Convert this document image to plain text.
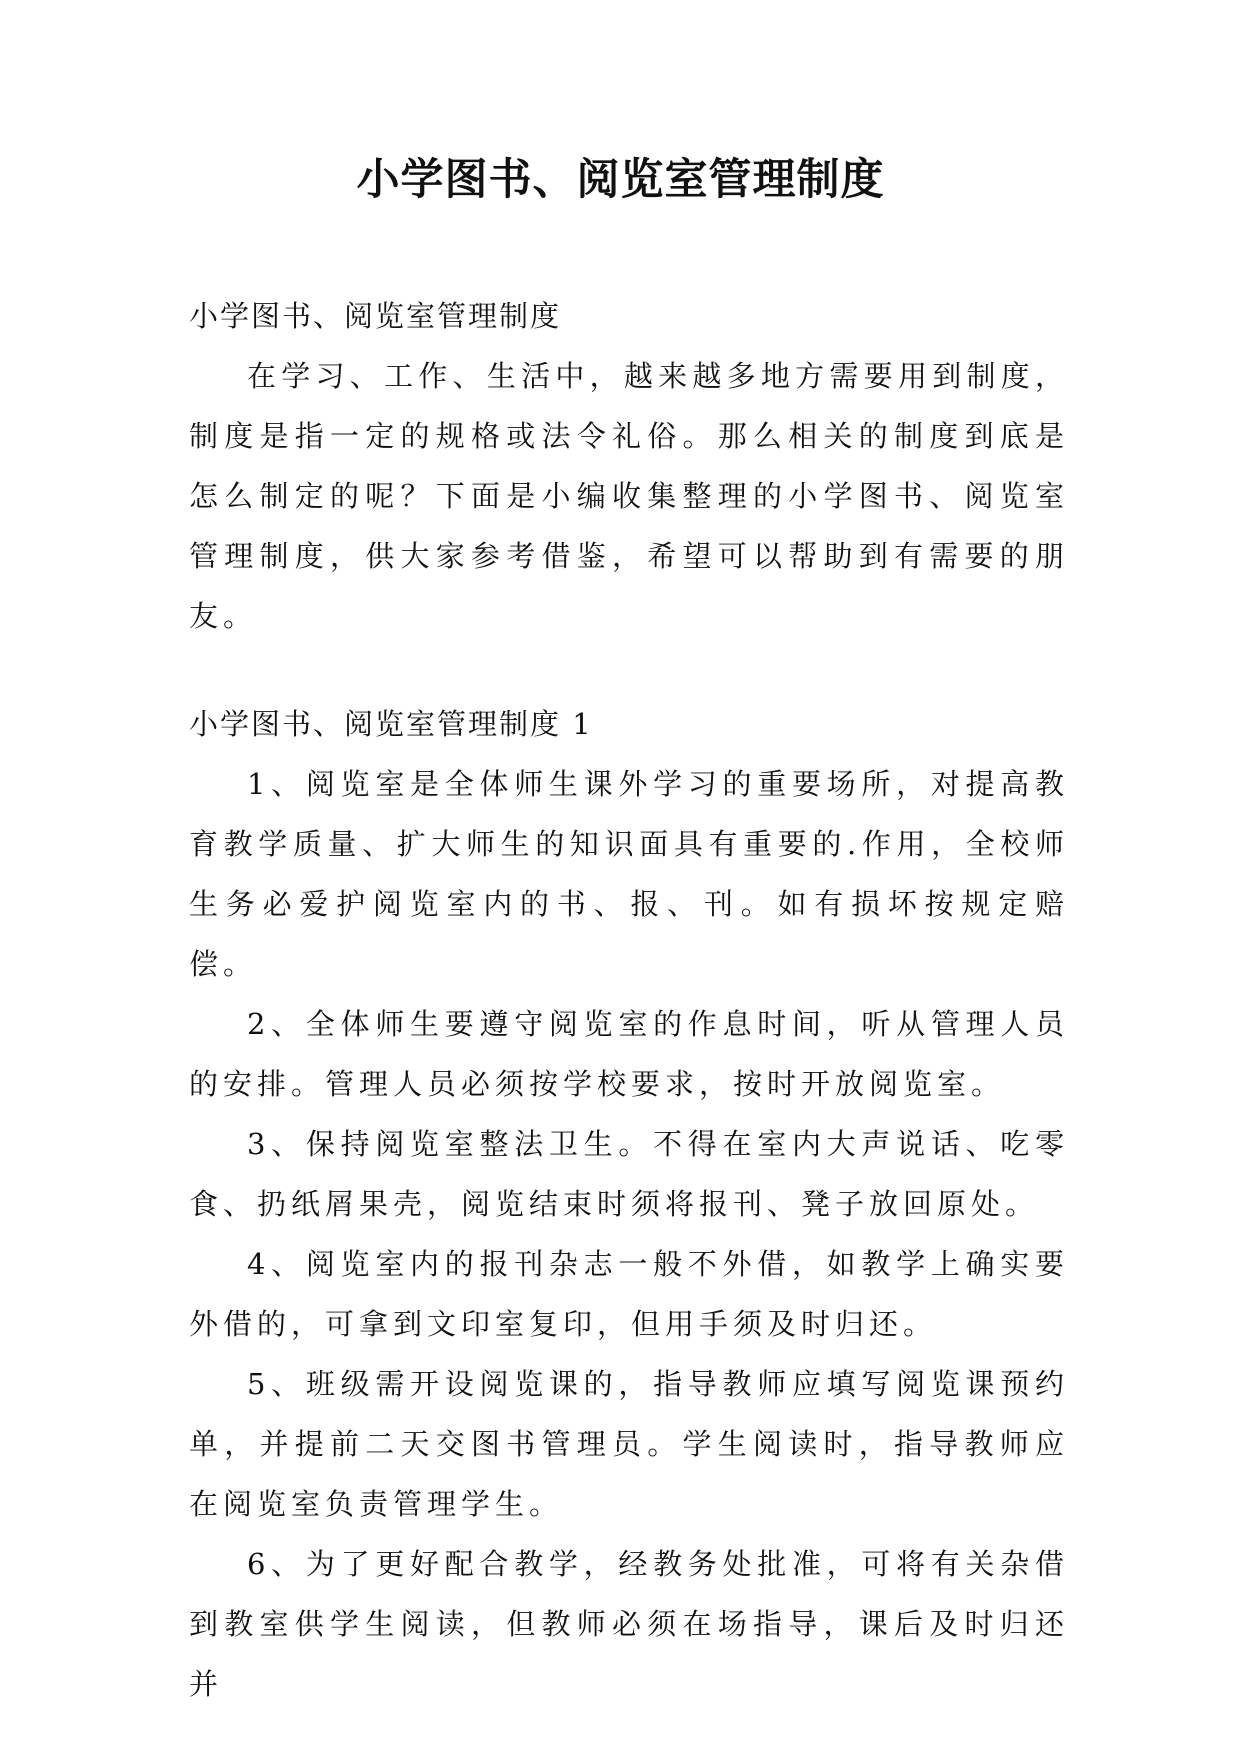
小学图书、阅览室管理制度

小学图书、阅览室管理制度

在学习、工作、生活中，越来越多地方需要用到制度，制度是指一定的规格或法令礼俗。那么相关的制度到底是怎么制定的呢？下面是小编收集整理的小学图书、阅览室管理制度，供大家参考借鉴，希望可以帮助到有需要的朋友。

小学图书、阅览室管理制度 1

1、阅览室是全体师生课外学习的重要场所，对提高教育教学质量、扩大师生的知识面具有重要的.作用，全校师生务必爱护阅览室内的书、报、刊。如有损坏按规定赔偿。

2、全体师生要遵守阅览室的作息时间，听从管理人员的安排。管理人员必须按学校要求，按时开放阅览室。

3、保持阅览室整法卫生。不得在室内大声说话、吃零食、扔纸屑果壳，阅览结束时须将报刊、凳子放回原处。

4、阅览室内的报刊杂志一般不外借，如教学上确实要外借的，可拿到文印室复印，但用手须及时归还。

5、班级需开设阅览课的，指导教师应填写阅览课预约单，并提前二天交图书管理员。学生阅读时，指导教师应在阅览室负责管理学生。

6、为了更好配合教学，经教务处批准，可将有关杂借到教室供学生阅读，但教师必须在场指导，课后及时归还并
